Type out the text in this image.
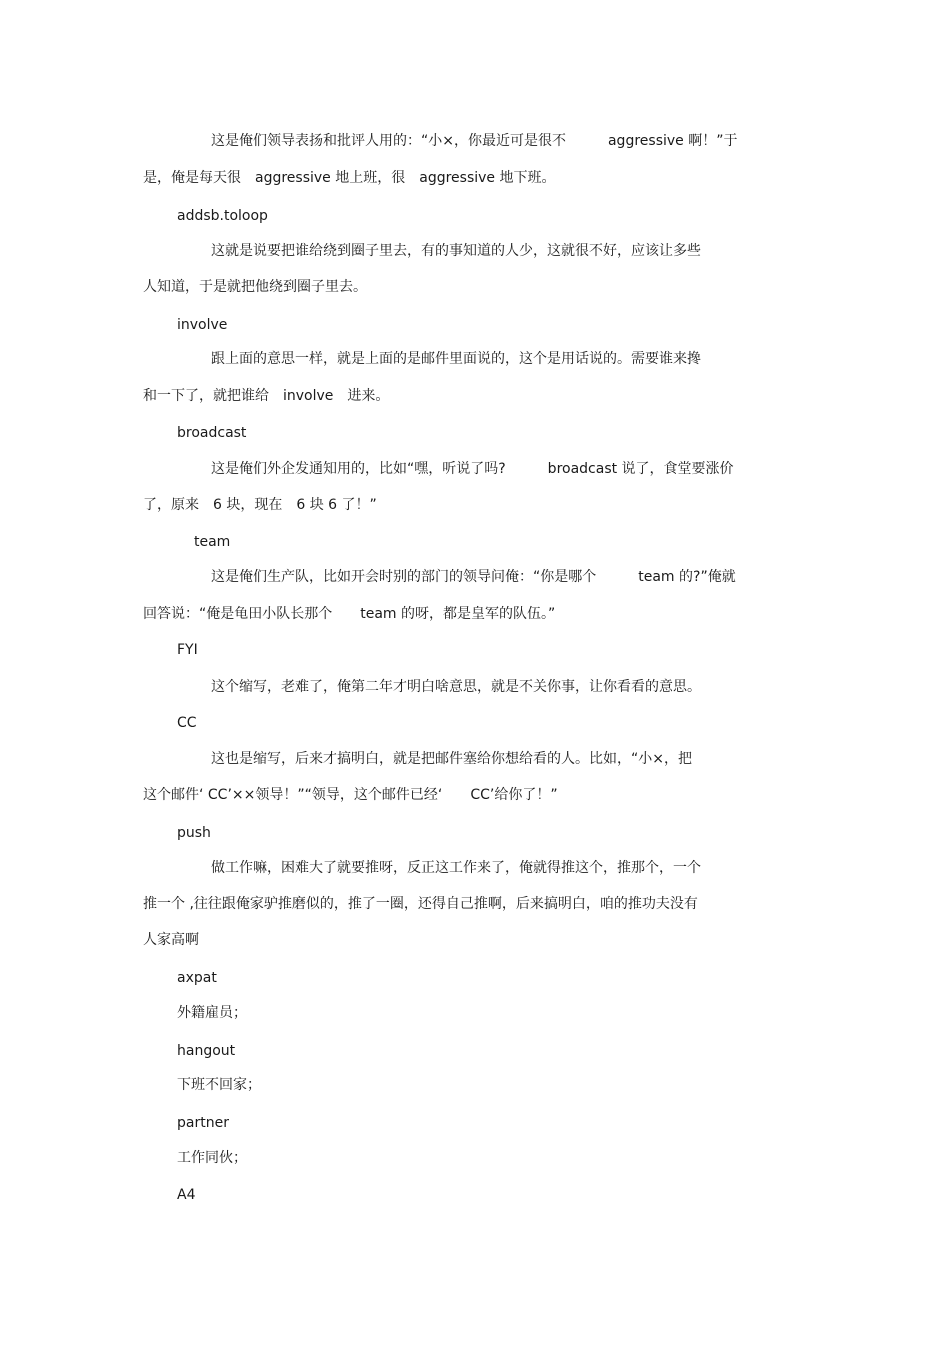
这是俺们领导表扬和批评人用的：“小×，你最近可是很不　　　aggressive 啊！”于
是，俺是每天很　aggressive 地上班，很　aggressive 地下班。
addsb.toloop
这就是说要把谁给绕到圈子里去，有的事知道的人少，这就很不好，应该让多些
人知道，于是就把他绕到圈子里去。
involve
跟上面的意思一样，就是上面的是邮件里面说的，这个是用话说的。需要谁来搀
和一下了，就把谁给　involve　进来。
broadcast
这是俺们外企发通知用的，比如“嘿，听说了吗?　　　broadcast 说了，食堂要涨价
了，原来　6 块，现在　6 块 6 了！”
team
这是俺们生产队，比如开会时别的部门的领导问俺：“你是哪个　　　team 的?”俺就
回答说：“俺是龟田小队长那个　　team 的呀，都是皇军的队伍。”
FYI
这个缩写，老难了，俺第二年才明白啥意思，就是不关你事，让你看看的意思。
CC
这也是缩写，后来才搞明白，就是把邮件塞给你想给看的人。比如，“小×，把
这个邮件‘ CC’××领导！”“领导，这个邮件已经‘　　CC’给你了！”
push
做工作嘛，困难大了就要推呀，反正这工作来了，俺就得推这个，推那个，一个
推一个 ,往往跟俺家驴推磨似的，推了一圈，还得自己推啊，后来搞明白，咱的推功夫没有
人家高啊
axpat
外籍雇员；
hangout
下班不回家；
partner
工作同伙；
A4
